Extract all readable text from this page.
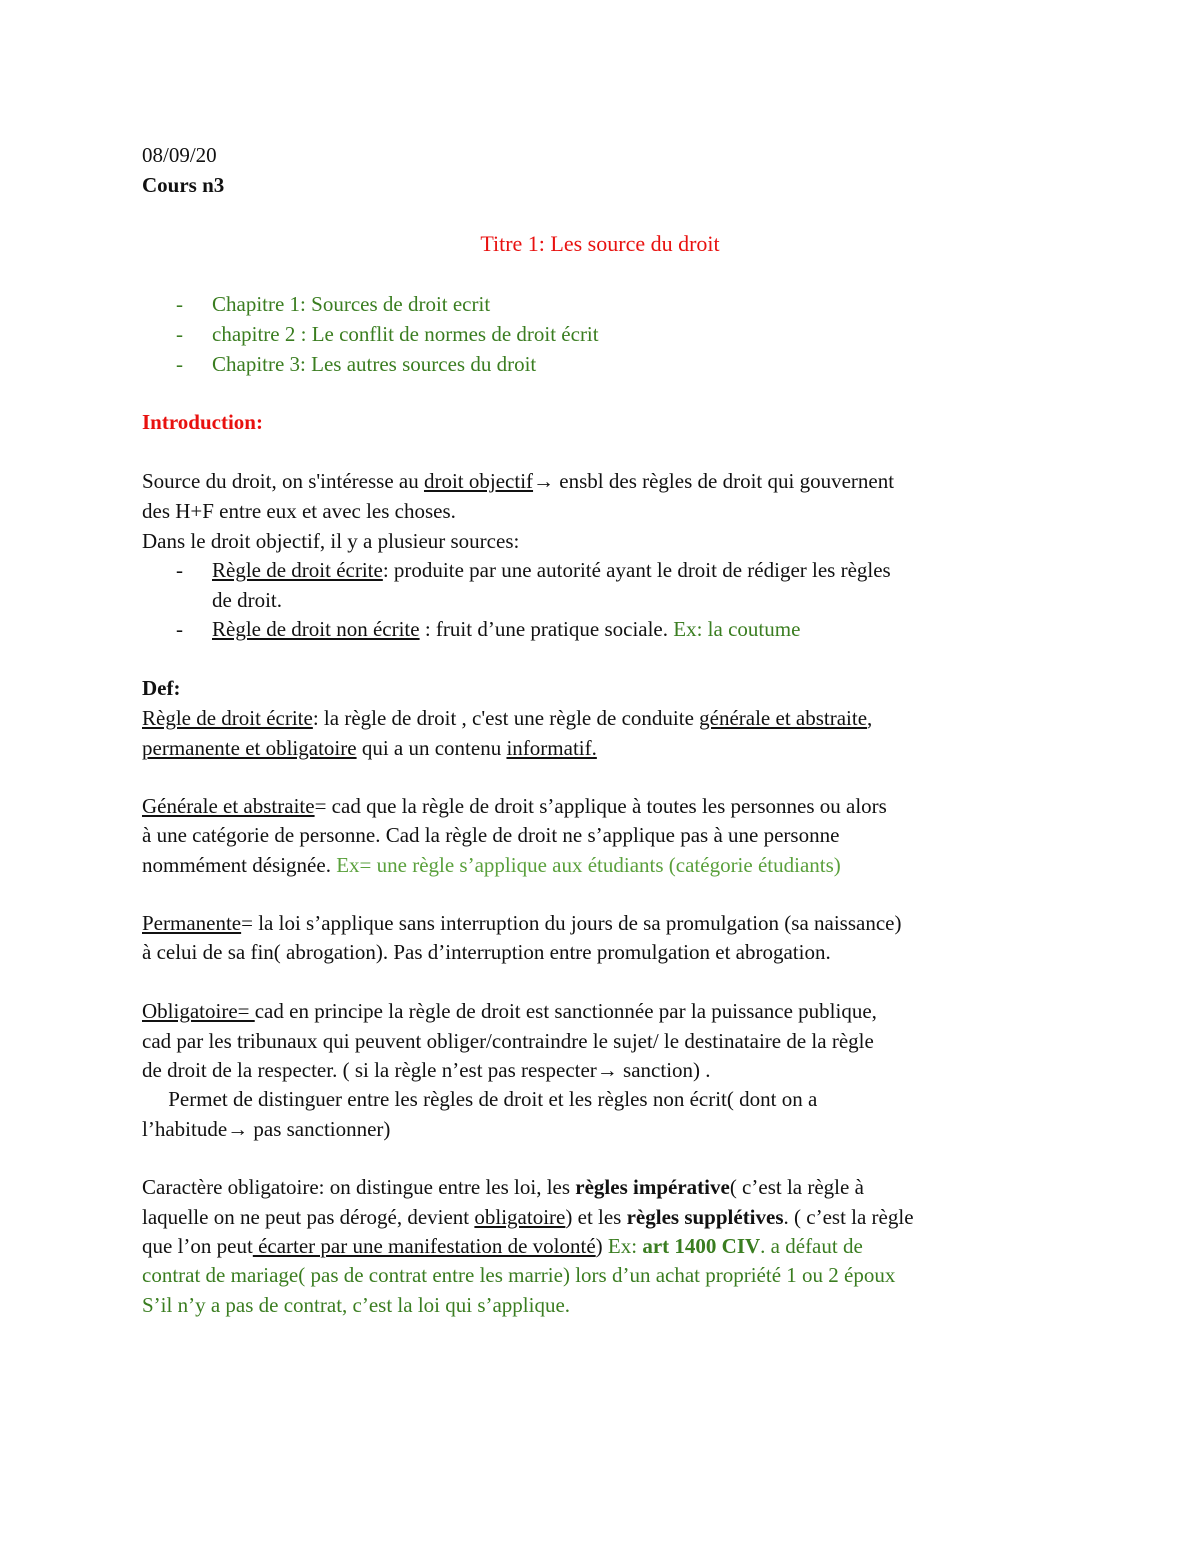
08/09/20
Cours n3
Titre 1: Les source du droit
- Chapitre 1: Sources de droit ecrit
- chapitre 2 : Le conflit de normes de droit écrit
- Chapitre 3: Les autres sources du droit
Introduction:
Source du droit, on s'intéresse au droit objectif→ ensbl des règles de droit qui gouvernent
des H+F entre eux et avec les choses.
Dans le droit objectif, il y a plusieur sources:
- Règle de droit écrite: produite par une autorité ayant le droit de rédiger les règles
de droit.
- Règle de droit non écrite : fruit d’une pratique sociale. Ex: la coutume
Def:
Règle de droit écrite: la règle de droit , c'est une règle de conduite générale et abstraite,
permanente et obligatoire qui a un contenu informatif.
Générale et abstraite= cad que la règle de droit s’applique à toutes les personnes ou alors
à une catégorie de personne. Cad la règle de droit ne s’applique pas à une personne
nommément désignée. Ex= une règle s’applique aux étudiants (catégorie étudiants)
Permanente= la loi s’applique sans interruption du jours de sa promulgation (sa naissance)
à celui de sa fin( abrogation). Pas d’interruption entre promulgation et abrogation.
Obligatoire= cad en principe la règle de droit est sanctionnée par la puissance publique,
cad par les tribunaux qui peuvent obliger/contraindre le sujet/ le destinataire de la règle
de droit de la respecter. ( si la règle n’est pas respecter→ sanction) .
Permet de distinguer entre les règles de droit et les règles non écrit( dont on a
l’habitude→ pas sanctionner)
Caractère obligatoire: on distingue entre les loi, les règles impérative( c’est la règle à
laquelle on ne peut pas dérogé, devient obligatoire) et les règles supplétives. ( c’est la règle
que l’on peut écarter par une manifestation de volonté) Ex: art 1400 CIV. a défaut de
contrat de mariage( pas de contrat entre les marrie) lors d’un achat propriété 1 ou 2 époux
S’il n’y a pas de contrat, c’est la loi qui s’applique.
